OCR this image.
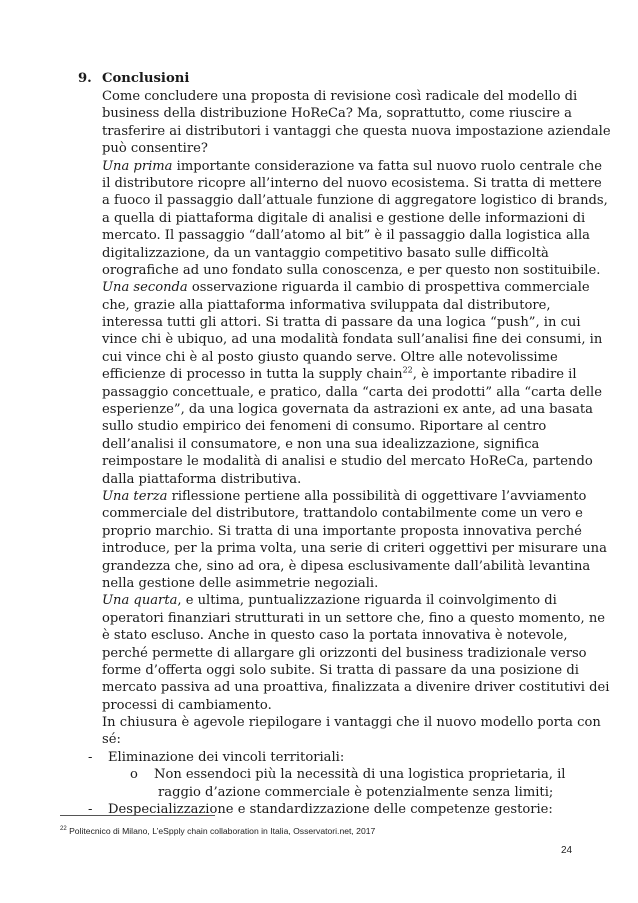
9. Conclusioni
Come concludere una proposta di revisione così radicale del modello di
business della distribuzione HoReCa? Ma, soprattutto, come riuscire a
trasferire ai distributori i vantaggi che questa nuova impostazione aziendale
può consentire?
Una prima importante considerazione va fatta sul nuovo ruolo centrale che
il distributore ricopre all’interno del nuovo ecosistema. Si tratta di mettere
a fuoco il passaggio dall’attuale funzione di aggregatore logistico di brands,
a quella di piattaforma digitale di analisi e gestione delle informazioni di
mercato. Il passaggio “dall’atomo al bit” è il passaggio dalla logistica alla
digitalizzazione, da un vantaggio competitivo basato sulle difficoltà
orografiche ad uno fondato sulla conoscenza, e per questo non sostituibile.
Una seconda osservazione riguarda il cambio di prospettiva commerciale
che, grazie alla piattaforma informativa sviluppata dal distributore,
interessa tutti gli attori. Si tratta di passare da una logica “push”, in cui
vince chi è ubiquo, ad una modalità fondata sull’analisi fine dei consumi, in
cui vince chi è al posto giusto quando serve. Oltre alle notevolissime
efficienze di processo in tutta la supply chain$^{22}$, è importante ribadire il
passaggio concettuale, e pratico, dalla “carta dei prodotti” alla “carta delle
esperienze”, da una logica governata da astrazioni ex ante, ad una basata
sullo studio empirico dei fenomeni di consumo. Riportare al centro
dell’analisi il consumatore, e non una sua idealizzazione, significa
reimpostare le modalità di analisi e studio del mercato HoReCa, partendo
dalla piattaforma distributiva.
Una terza riflessione pertiene alla possibilità di oggettivare l’avviamento
commerciale del distributore, trattandolo contabilmente come un vero e
proprio marchio. Si tratta di una importante proposta innovativa perché
introduce, per la prima volta, una serie di criteri oggettivi per misurare una
grandezza che, sino ad ora, è dipesa esclusivamente dall’abilità levantina
nella gestione delle asimmetrie negoziali.
Una quarta, e ultima, puntualizzazione riguarda il coinvolgimento di
operatori finanziari strutturati in un settore che, fino a questo momento, ne
è stato escluso. Anche in questo caso la portata innovativa è notevole,
perché permette di allargare gli orizzonti del business tradizionale verso
forme d’offerta oggi solo subite. Si tratta di passare da una posizione di
mercato passiva ad una proattiva, finalizzata a divenire driver costitutivi dei
processi di cambiamento.
In chiusura è agevole riepilogare i vantaggi che il nuovo modello porta con
sé:
- Eliminazione dei vincoli territoriali:
o Non essendoci più la necessità di una logistica proprietaria, il
raggio d’azione commerciale è potenzialmente senza limiti;
- Despecializzazione e standardizzazione delle competenze gestorie:
$^{22}$ Politecnico di Milano, L’eSpply chain collaboration in Italia, Osservatori.net, 2017
24
